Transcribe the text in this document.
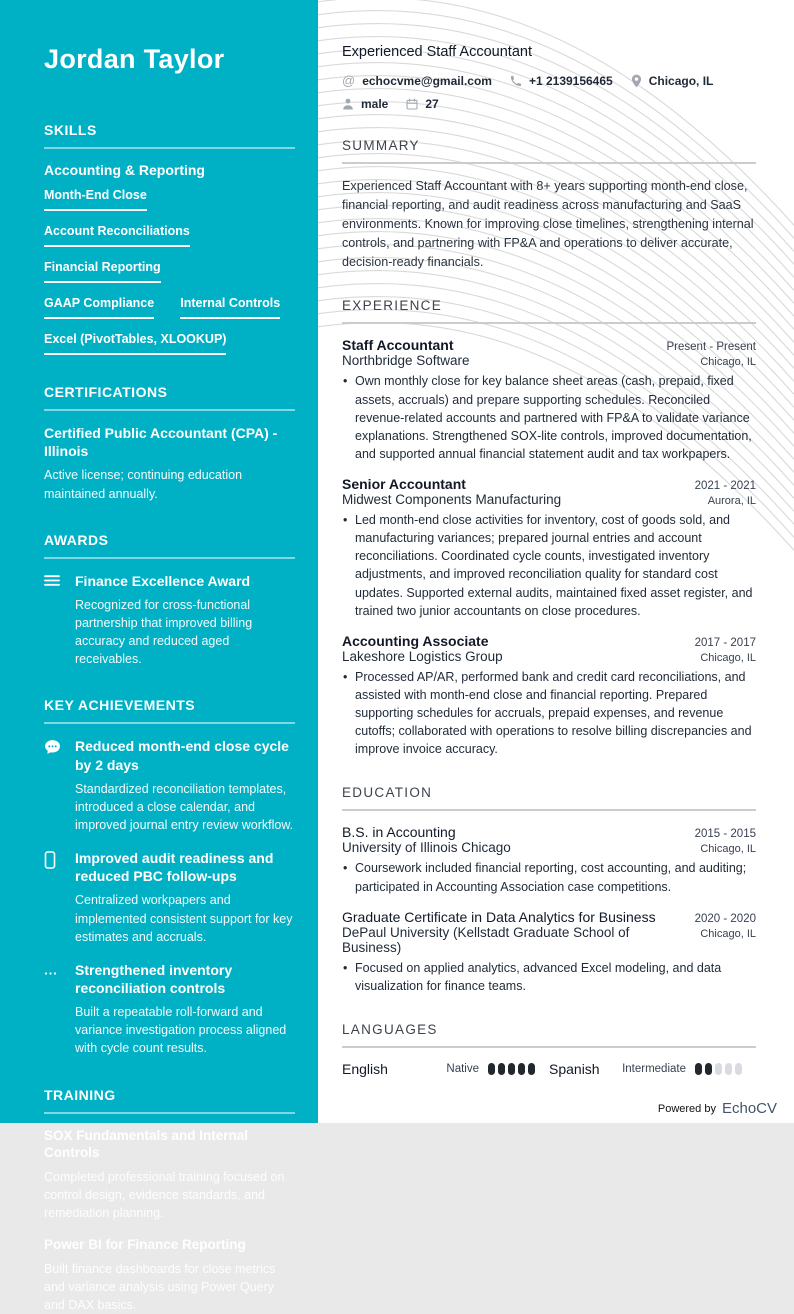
Jordan Taylor
SKILLS
Accounting & Reporting
Month-End Close
Account Reconciliations
Financial Reporting
GAAP Compliance Internal Controls
Excel (PivotTables, XLOOKUP)
CERTIFICATIONS
Certified Public Accountant (CPA) - Illinois
Active license; continuing education maintained annually.
AWARDS
Finance Excellence Award
Recognized for cross-functional partnership that improved billing accuracy and reduced aged receivables.
KEY ACHIEVEMENTS
Reduced month-end close cycle by 2 days
Standardized reconciliation templates, introduced a close calendar, and improved journal entry review workflow.
Improved audit readiness and reduced PBC follow-ups
Centralized workpapers and implemented consistent support for key estimates and accruals.
Strengthened inventory reconciliation controls
Built a repeatable roll-forward and variance investigation process aligned with cycle count results.
TRAINING
SOX Fundamentals and Internal Controls
Completed professional training focused on control design, evidence standards, and remediation planning.
Power BI for Finance Reporting
Built finance dashboards for close metrics and variance analysis using Power Query and DAX basics.
Experienced Staff Accountant
@ echocvme@gmail.com	+1 2139156465	Chicago, IL
male	27
SUMMARY

Experienced Staff Accountant with 8+ years supporting month-end close, financial reporting, and audit readiness across manufacturing and SaaS environments. Known for improving close timelines, strengthening internal controls, and partnering with FP&A and operations to deliver accurate, decision-ready financials.

EXPERIENCE
Staff Accountant	Present - Present
Northbridge Software	Chicago, IL
• Own monthly close for key balance sheet areas (cash, prepaid, fixed assets, accruals) and prepare supporting schedules. Reconciled revenue-related accounts and partnered with FP&A to validate variance explanations. Strengthened SOX-lite controls, improved documentation, and supported annual financial statement audit and tax workpapers.
Senior Accountant	2021 - 2021
Midwest Components Manufacturing	Aurora, IL
• Led month-end close activities for inventory, cost of goods sold, and manufacturing variances; prepared journal entries and account reconciliations. Coordinated cycle counts, investigated inventory adjustments, and improved reconciliation quality for standard cost updates. Supported external audits, maintained fixed asset register, and trained two junior accountants on close procedures.
Accounting Associate	2017 - 2017
Lakeshore Logistics Group	Chicago, IL
• Processed AP/AR, performed bank and credit card reconciliations, and assisted with month-end close and financial reporting. Prepared supporting schedules for accruals, prepaid expenses, and revenue cutoffs; collaborated with operations to resolve billing discrepancies and improve invoice accuracy.
EDUCATION
B.S. in Accounting	2015 - 2015
University of Illinois Chicago	Chicago, IL
• Coursework included financial reporting, cost accounting, and auditing; participated in Accounting Association case competitions.
Graduate Certificate in Data Analytics for Business	2020 - 2020
DePaul University (Kellstadt Graduate School of Business)
Chicago, IL
• Focused on applied analytics, advanced Excel modeling, and data visualization for finance teams.
LANGUAGES
English	Native	Spanish Intermediate
Powered by EchoCV
